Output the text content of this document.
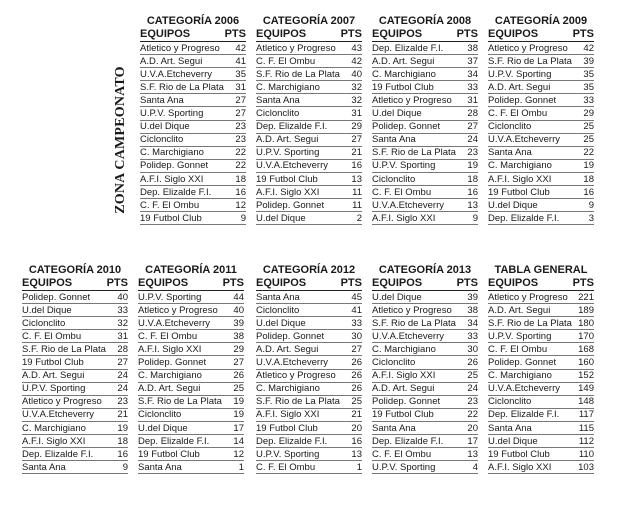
ZONA CAMPEONATO
CATEGORÍA 2006
EQUIPOS	PTS
Atletico y Progreso	42
A.D. Art. Segui	41
U.V.A.Etcheverry	35
S.F. Rio de La Plata	31
Santa Ana	27
U.P.V. Sporting	27
U.del Dique	23
Ciclonclito	23
C. Marchigiano	22
Polidep. Gonnet	22
A.F.I. Siglo XXI	18
Dep. Elizalde F.I.	16
C. F. El Ombu	12
19 Futbol Club	9
CATEGORÍA 2007
EQUIPOS	PTS
Atletico y Progreso	43
C. F. El Ombu	42
S.F. Rio de La Plata	40
C. Marchigiano	32
Santa Ana	32
Ciclonclito	31
Dep. Elizalde F.I.	29
A.D. Art. Segui	27
U.P.V. Sporting	21
U.V.A.Etcheverry	16
19 Futbol Club	13
A.F.I. Siglo XXI	11
Polidep. Gonnet	11
U.del Dique	2
CATEGORÍA 2008
EQUIPOS	PTS
Dep. Elizalde F.I.	38
A.D. Art. Segui	37
C. Marchigiano	34
19 Futbol Club	33
Atletico y Progreso	31
U.del Dique	28
Polidep. Gonnet	27
Santa Ana	24
S.F. Rio de La Plata	23
U.P.V. Sporting	19
Ciclonclito	18
C. F. El Ombu	16
U.V.A.Etcheverry	13
A.F.I. Siglo XXI	9
CATEGORÍA 2009
EQUIPOS	PTS
Atletico y Progreso	42
S.F. Rio de La Plata	39
U.P.V. Sporting	35
A.D. Art. Segui	35
Polidep. Gonnet	33
C. F. El Ombu	29
Ciclonclito	25
U.V.A.Etcheverry	25
Santa Ana	22
C. Marchigiano	19
A.F.I. Siglo XXI	18
19 Futbol Club	16
U.del Dique	9
Dep. Elizalde F.I.	3
CATEGORÍA 2010
EQUIPOS	PTS
Polidep. Gonnet	40
U.del Dique	33
Ciclonclito	32
C. F. El Ombu	31
S.F. Rio de La Plata	28
19 Futbol Club	27
A.D. Art. Segui	24
U.P.V. Sporting	24
Atletico y Progreso	23
U.V.A.Etcheverry	21
C. Marchigiano	19
A.F.I. Siglo XXI	18
Dep. Elizalde F.I.	16
Santa Ana	9
CATEGORÍA 2011
EQUIPOS	PTS
U.P.V. Sporting	44
Atletico y Progreso	40
U.V.A.Etcheverry	39
C. F. El Ombu	38
A.F.I. Siglo XXI	29
Polidep. Gonnet	27
C. Marchigiano	26
A.D. Art. Segui	25
S.F. Rio de La Plata	19
Ciclonclito	19
U.del Dique	17
Dep. Elizalde F.I.	14
19 Futbol Club	12
Santa Ana	1
CATEGORÍA 2012
EQUIPOS	PTS
Santa Ana	45
Ciclonclito	41
U.del Dique	33
Polidep. Gonnet	30
A.D. Art. Segui	27
U.V.A.Etcheverry	26
Atletico y Progreso	26
C. Marchigiano	26
S.F. Rio de La Plata	25
A.F.I. Siglo XXI	21
19 Futbol Club	20
Dep. Elizalde F.I.	16
U.P.V. Sporting	13
C. F. El Ombu	1
CATEGORÍA 2013
EQUIPOS	PTS
U.del Dique	39
Atletico y Progreso	38
S.F. Rio de La Plata	34
U.V.A.Etcheverry	33
C. Marchigiano	30
Ciclonclito	26
A.F.I. Siglo XXI	25
A.D. Art. Segui	24
Polidep. Gonnet	23
19 Futbol Club	22
Santa Ana	20
Dep. Elizalde F.I.	17
C. F. El Ombu	13
U.P.V. Sporting	4
TABLA GENERAL
EQUIPOS	PTS
Atletico y Progreso	221
A.D. Art. Segui	189
S.F. Rio de La Plata 180
U.P.V. Sporting	170
C. F. El Ombu	168
Polidep. Gonnet	160
C. Marchigiano	152
U.V.A.Etcheverry	149
Ciclonclito	148
Dep. Elizalde F.I.	117
Santa Ana	115
U.del Dique	112
19 Futbol Club	110
A.F.I. Siglo XXI	103
